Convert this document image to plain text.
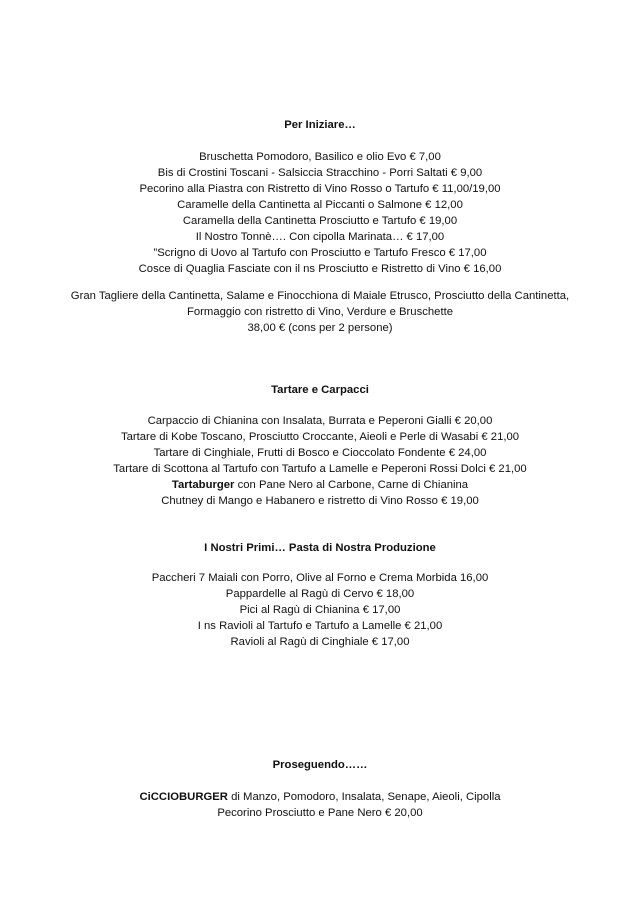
Per Iniziare…
Bruschetta Pomodoro, Basilico e olio Evo € 7,00
Bis di Crostini Toscani - Salsiccia Stracchino - Porri Saltati € 9,00
Pecorino alla Piastra con Ristretto di Vino Rosso o Tartufo € 11,00/19,00
Caramelle della Cantinetta al Piccanti o Salmone € 12,00
Caramella della Cantinetta Prosciutto e Tartufo € 19,00
Il Nostro Tonnè…. Con cipolla Marinata… € 17,00
”Scrigno di Uovo al Tartufo con Prosciutto e Tartufo Fresco € 17,00
Cosce di Quaglia Fasciate con il ns Prosciutto e Ristretto di Vino € 16,00
Gran Tagliere della Cantinetta, Salame e Finocchiona di Maiale Etrusco, Prosciutto della Cantinetta, Formaggio con ristretto di Vino, Verdure e Bruschette
38,00 € (cons per 2 persone)
Tartare e Carpacci
Carpaccio di Chianina con Insalata, Burrata e Peperoni Gialli € 20,00
Tartare di Kobe Toscano, Prosciutto Croccante, Aieoli e Perle di Wasabi € 21,00
Tartare di Cinghiale, Frutti di Bosco e Cioccolato Fondente € 24,00
Tartare di Scottona al Tartufo con Tartufo a Lamelle e Peperoni Rossi Dolci € 21,00
Tartaburger con Pane Nero al Carbone, Carne di Chianina
Chutney di Mango e Habanero e ristretto di Vino Rosso € 19,00
I Nostri Primi… Pasta di Nostra Produzione
Paccheri 7 Maiali con Porro, Olive al Forno e Crema Morbida 16,00
Pappardelle al Ragù di Cervo € 18,00
Pici al Ragù di Chianina € 17,00
I ns Ravioli al Tartufo e Tartufo a Lamelle € 21,00
Ravioli al Ragù di Cinghiale € 17,00
Proseguendo……
CiCCIOBURGER di Manzo, Pomodoro, Insalata, Senape, Aieoli, Cipolla
Pecorino Prosciutto e Pane Nero € 20,00
